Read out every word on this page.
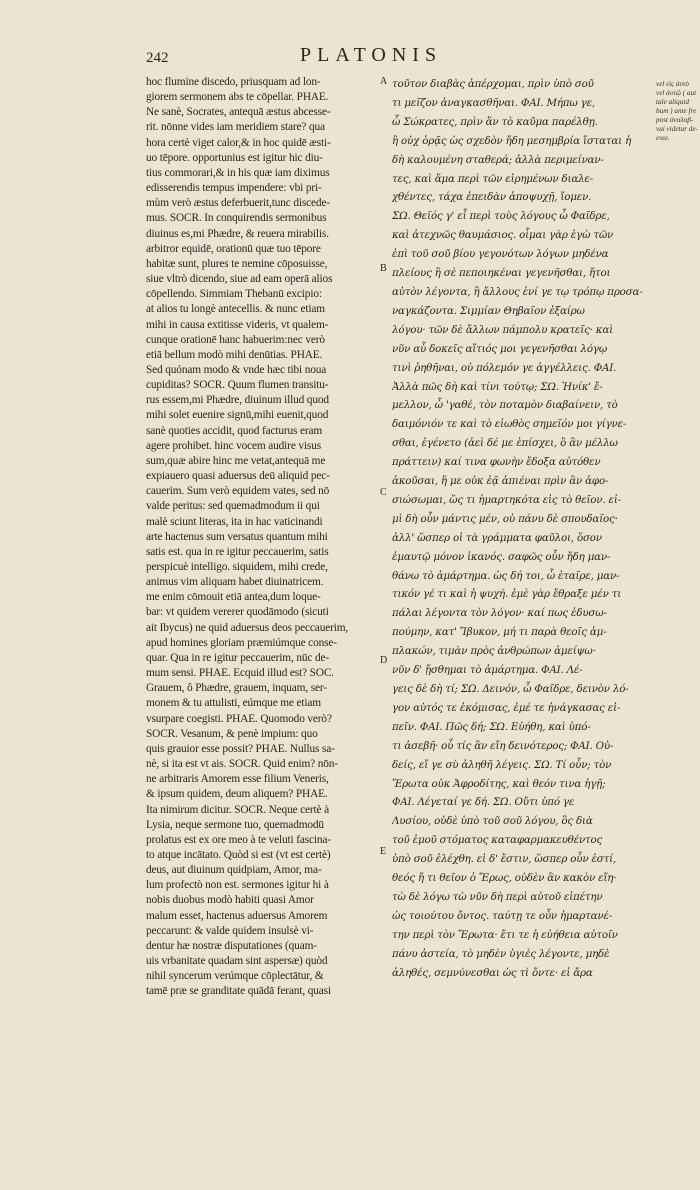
242	PLATONIS
hoc flumine discedo, priusquam ad lon-
giorem sermonem abs te cōpellar. PHAE.
Ne sanè, Socrates, antequā æstus abcesse-
rit. nōnne vides iam meridiem stare? qua
hora certè viget calor,& in hoc quidē æsti-
uo tēpore. opportunius est igitur hic diu-
tius commorari,& in his quæ iam diximus
edisserendis tempus impendere: vbi pri-
mùm verò æstus deferbuerit,tunc discede-
mus. SOCR. In conquirendis sermonibus
diuinus es,mi Phædre, & reuera mirabilis.
arbitror equidē, orationū quæ tuo tēpore
habitæ sunt, plures te nemine cōposuisse,
siue vltrò dicendo, siue ad eam operā alios
cōpellendo. Simmiam Thebanū excipio:
at alios tu longè antecellis. & nunc etiam
mihi in causa extitisse videris, vt qualem-
cunque orationē hanc habuerim:nec verò
etiā bellum modò mihi denūtias. PHAE.
Sed quónam modo & vnde hæc tibi noua
cupiditas? SOCR. Quum flumen transitu-
rus essem,mi Phædre, diuinum illud quod
mihi solet euenire signū,mihi euenit,quod
sanè quoties accidit, quod facturus eram
agere prohibet. hinc vocem audire visus
sum,quæ abire hinc me vetat,antequā me
expiauero quasi aduersus deū aliquid pec-
cauerim. Sum verò equidem vates, sed nō
valde peritus: sed quemadmodum ii qui
malè sciunt literas, ita in hac vaticinandi
arte hactenus sum versatus quantum mihi
satis est. qua in re igitur peccauerim, satis
perspicuè intelligo. siquidem, mihi crede,
animus vim aliquam habet diuinatricem.
me enim cōmouit etiā antea,dum loque-
bar: vt quidem vererer quodāmodo (sicuti
ait Ibycus) ne quid aduersus deos peccauerim,
apud homines gloriam præmiúmque conse-
quar. Qua in re igitur peccauerim, nūc de-
mum sensi. PHAE. Ecquid illud est? SOC.
Grauem, ô Phædre, grauem, inquam, ser-
monem & tu attulisti, eúmque me etiam
vsurpare coegisti. PHAE. Quomodo verò?
SOCR. Vesanum, & penè impium: quo
quis grauior esse possit? PHAE. Nullus sa-
nè, si ita est vt ais. SOCR. Quid enim? nōn-
ne arbitraris Amorem esse filium Veneris,
& ipsum quidem, deum aliquem? PHAE.
Ita nimirum dicitur. SOCR. Neque certè à
Lysia, neque sermone tuo, quemadmodū
prolatus est ex ore meo à te veluti fascina-
to atque incātato. Quòd si est (vt est certè)
deus, aut diuinum quidpiam, Amor, ma-
lum profectò non est. sermones igitur hi à
nobis duobus modò habiti quasi Amor
malum esset, hactenus aduersus Amorem
peccarunt: & valde quidem insulsè vi-
dentur hæ nostræ disputationes (quam-
uis vrbanitate quadam sint aspersæ) quòd
nihil syncerum verúmque cōplectātur, &
tamē præ se granditate quādā ferant, quasi
τοῦτον διαβὰς ἀπέρχομαι, πρὶν ὑπὸ σοῦ
τι μεῖζον ἀναγκασθῆναι. ΦΑΙ. Μήπω γε,
ὦ Σώκρατες, πρὶν ἂν τὸ καῦμα παρέλθῃ.
ἢ οὐχ ὁρᾷς ὡς σχεδὸν ἤδη μεσημβρία ἵσταται ἡ
δὴ καλουμένη σταθερά; ἀλλὰ περιμείναν-
τες, καὶ ἅμα περὶ τῶν εἰρημένων διαλε-
χθέντες, τάχα ἐπειδὰν ἀποψυχῇ, ἴομεν.
ΣΩ. Θεῖός γ' εἶ περὶ τοὺς λόγους ὦ Φαῖδρε,
καὶ ἀτεχνῶς θαυμάσιος. οἶμαι γὰρ ἐγὼ τῶν
ἐπὶ τοῦ σοῦ βίου γεγονότων λόγων μηδένα
πλείους ἢ σὲ πεποιηκέναι γεγενῆσθαι, ἤτοι
αὐτὸν λέγοντα, ἢ ἄλλους ἑνί γε τῳ τρόπῳ προσα-
ναγκάζοντα. Σιμμίαν Θηβαῖον ἐξαίρω
λόγου· τῶν δὲ ἄλλων πάμπολυ κρατεῖς· καὶ
νῦν αὖ δοκεῖς αἴτιός μοι γεγενῆσθαι λόγῳ
τινὶ ῥηθῆναι, οὐ πόλεμόν γε ἀγγέλλεις. ΦΑΙ.
Ἀλλὰ πῶς δὴ καὶ τίνι τούτῳ; ΣΩ. Ἡνίκ' ἔ-
μελλον, ὦ 'γαθέ, τὸν ποταμὸν διαβαίνειν, τὸ
δαιμόνιόν τε καὶ τὸ εἰωθὸς σημεῖόν μοι γίγνε-
σθαι, ἐγένετο (ἀεὶ δέ με ἐπίσχει, ὃ ἂν μέλλω
πράττειν) καί τινα φωνὴν ἔδοξα αὐτόθεν
ἀκοῦσαι, ἥ με οὐκ ἐᾷ ἀπιέναι πρὶν ἂν ἀφο-
σιώσωμαι, ὥς τι ἡμαρτηκότα εἰς τὸ θεῖον. εἰ-
μὶ δὴ οὖν μάντις μέν, οὐ πάνυ δὲ σπουδαῖος·
ἀλλ' ὥσπερ οἱ τὰ γράμματα φαῦλοι, ὅσον
ἐμαυτῷ μόνον ἱκανός. σαφῶς οὖν ἤδη μαν-
θάνω τὸ ἁμάρτημα. ὡς δή τοι, ὦ ἑταῖρε, μαν-
τικόν γέ τι καὶ ἡ ψυχή. ἐμὲ γὰρ ἔθραξε μέν τι
πάλαι λέγοντα τὸν λόγον· καί πως ἐδυσω-
πούμην, κατ' Ἴβυκον, μή τι παρὰ θεοῖς ἀμ-
πλακών, τιμὰν πρὸς ἀνθρώπων ἀμείψω·
νῦν δ' ᾔσθημαι τὸ ἁμάρτημα. ΦΑΙ. Λέ-
γεις δὲ δὴ τί; ΣΩ. Δεινόν, ὦ Φαῖδρε, δεινὸν λό-
γον αὐτός τε ἐκόμισας, ἐμέ τε ἠνάγκασας εἰ-
πεῖν. ΦΑΙ. Πῶς δή; ΣΩ. Εὐήθη, καὶ ὑπό-
τι ἀσεβῆ· οὗ τίς ἂν εἴη δεινότερος; ΦΑΙ. Οὐ-
δείς, εἴ γε σὺ ἀληθῆ λέγεις. ΣΩ. Τί οὖν; τὸν
Ἔρωτα οὐκ Ἀφροδίτης, καὶ θεόν τινα ἡγῇ;
ΦΑΙ. Λέγεταί γε δή. ΣΩ. Οὔτι ὑπό γε
Λυσίου, οὐδὲ ὑπὸ τοῦ σοῦ λόγου, ὃς διὰ
τοῦ ἐμοῦ στόματος καταφαρμακευθέντος
ὑπὸ σοῦ ἐλέχθη. εἰ δ' ἔστιν, ὥσπερ οὖν ἐστί,
θεός ἤ τι θεῖον ὁ Ἔρως, οὐδὲν ἂν κακὸν εἴη·
τὼ δὲ λόγω τὼ νῦν δὴ περὶ αὐτοῦ εἰπέτην
ὡς τοιούτου ὄντος. ταύτῃ τε οὖν ἡμαρτανέ-
την περὶ τὸν Ἔρωτα· ἔτι τε ἡ εὐήθεια αὐτοῖν
πάνυ ἀστεία, τὸ μηδὲν ὑγιὲς λέγοντε, μηδὲ
ἀληθές, σεμνύνεσθαι ὡς τὶ ὄντε· εἰ ἄρα
A
B
C
D
E
vel εἰς ἀυτὸ
vel ἀυτῷ ( aut
tale aliquid
bum ) ante fre
post ἀναλαβ-
vai videtur de-
esse.
